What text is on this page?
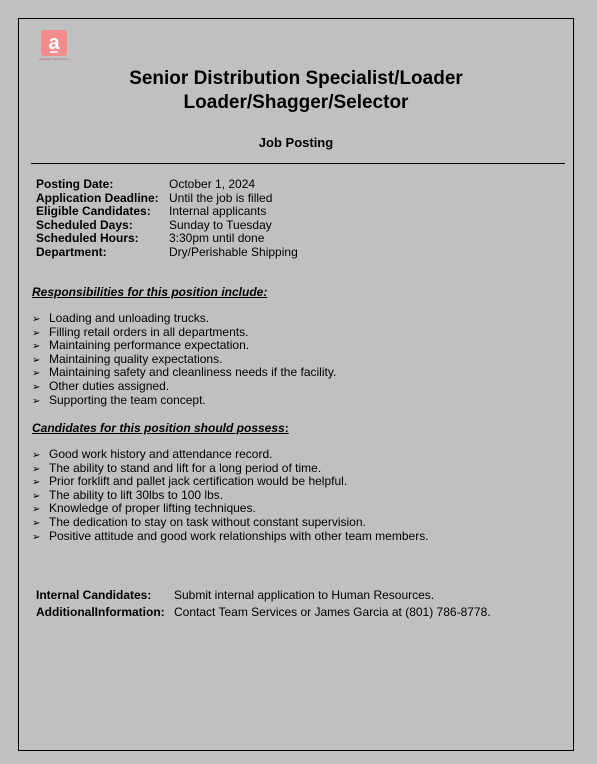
a
Assistant Food Stores
Senior Distribution Specialist/Loader
Loader/Shagger/Selector
Job Posting
Posting Date:	October 1, 2024
Application Deadline: Until the job is filled
Eligible Candidates: Internal applicants
Scheduled Days:	Sunday to Tuesday
Scheduled Hours:	3:30pm until done
Department:	Dry/Perishable Shipping
Responsibilities for this position include:
➢ Loading and unloading trucks.
➢ Filling retail orders in all departments.
➢ Maintaining performance expectation.
➢ Maintaining quality expectations.
➢ Maintaining safety and cleanliness needs if the facility.
➢ Other duties assigned.
➢ Supporting the team concept.
Candidates for this position should possess:
➢ Good work history and attendance record.
➢ The ability to stand and lift for a long period of time.
➢ Prior forklift and pallet jack certification would be helpful.
➢ The ability to lift 30lbs to 100 lbs.
➢ Knowledge of proper lifting techniques.
➢ The dedication to stay on task without constant supervision.
➢ Positive attitude and good work relationships with other team members.
Internal Candidates: Submit internal application to Human Resources.
AdditionalInformation: Contact Team Services or James Garcia at (801) 786-8778.
